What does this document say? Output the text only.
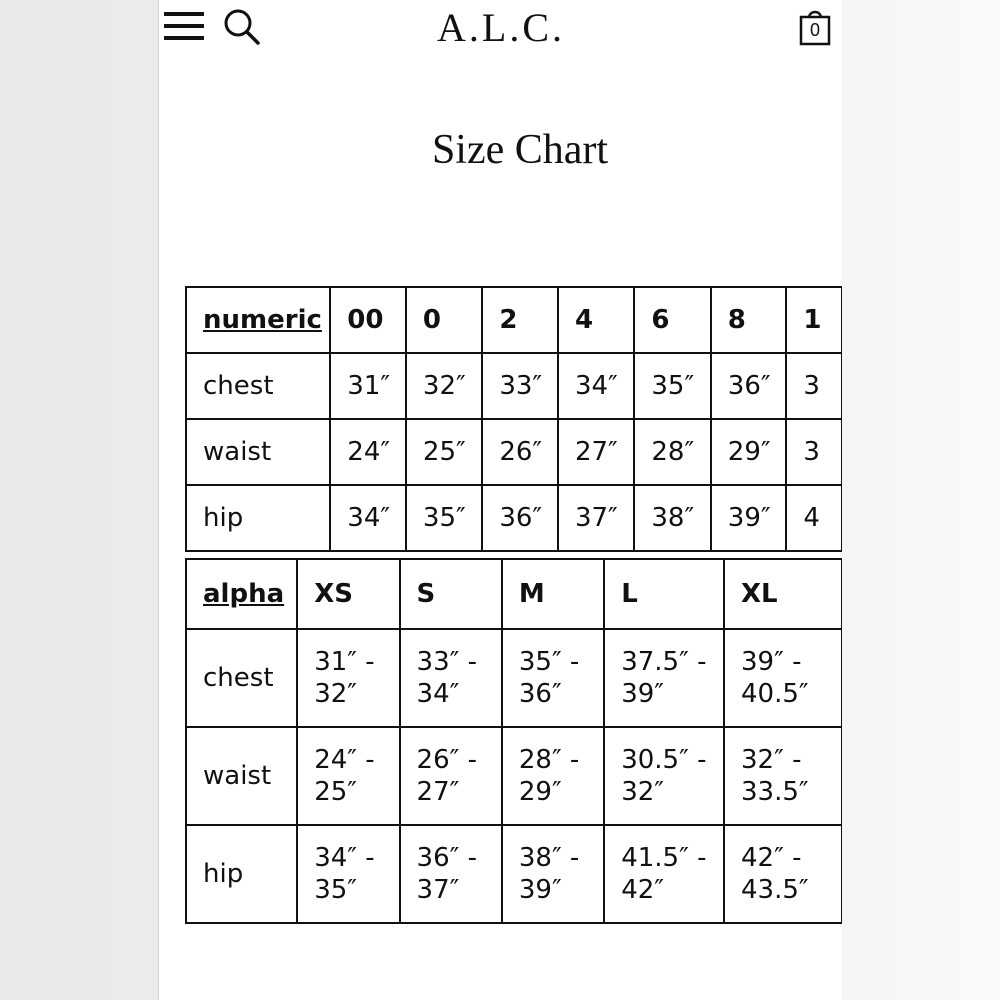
A.L.C.	0
Size Chart
numeric	00	0	2	4	6	8	1
chest	31″	32″	33″	34″	35″	36″	3
waist	24″	25″	26″	27″	28″	29″	3
hip	34″	35″	36″	37″	38″	39″	4
alpha	XS	S	M	L	XL
chest	31″ - 32″	33″ - 34″	35″ - 36″	37.5″ - 39″	39″ - 40.5″
waist	24″ - 25″	26″ - 27″	28″ - 29″	30.5″ - 32″	32″ - 33.5″
hip	34″ - 35″	36″ - 37″	38″ - 39″	41.5″ - 42″	42″ - 43.5″
